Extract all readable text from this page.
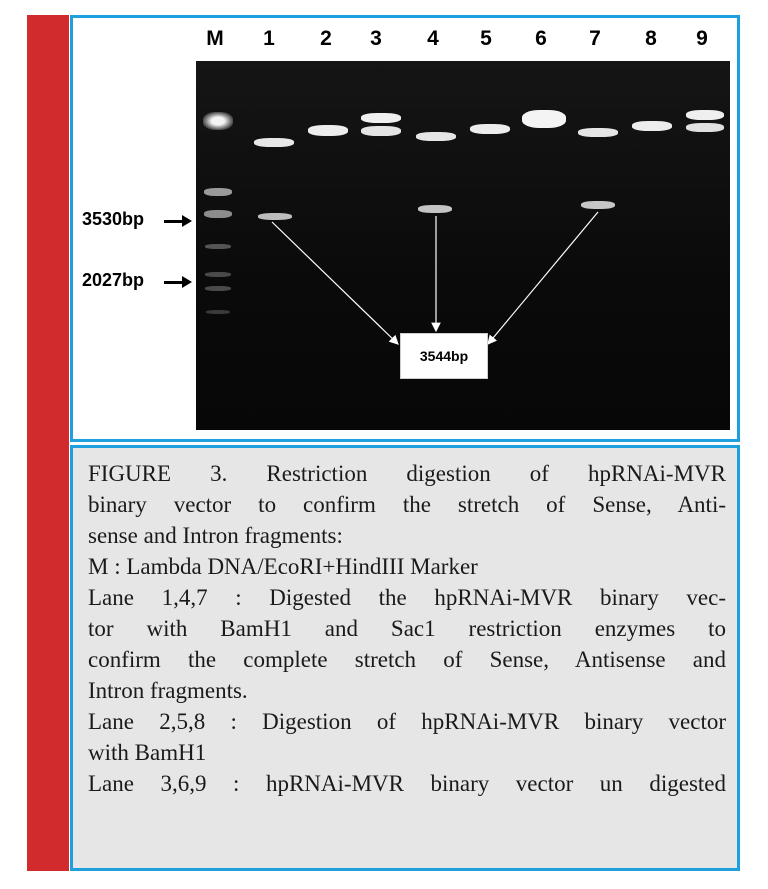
M	1	2	3	4	5	6	7	8	9
3544bp
3530bp
2027bp

FIGURE 3. Restriction digestion of hpRNAi-MVR

binary vector to confirm the stretch of Sense, Anti-

sense and Intron fragments:

M : Lambda DNA/EcoRI+HindIII Marker

Lane 1,4,7 : Digested the hpRNAi-MVR binary vec-

tor with BamH1 and Sac1 restriction enzymes to

confirm the complete stretch of Sense, Antisense and

Intron fragments.

Lane 2,5,8 : Digestion of hpRNAi-MVR binary vector

with BamH1

Lane 3,6,9 : hpRNAi-MVR binary vector un digested
